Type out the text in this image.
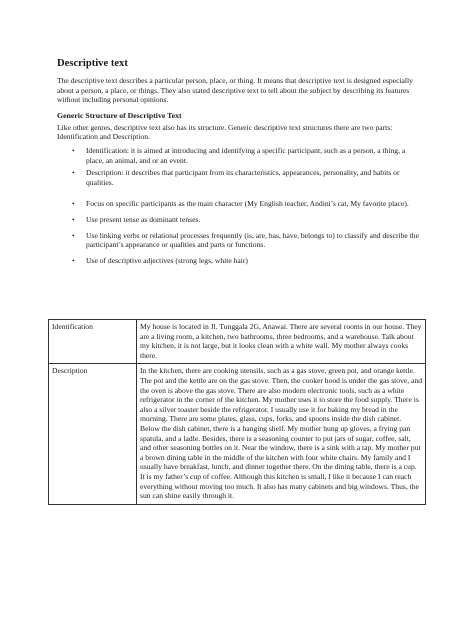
Descriptive text

The descriptive text describes a particular person, place, or thing. It means that descriptive text is designed especially about a person, a place, or things. They also stated descriptive text to tell about the subject by describing its features without including personal opinions.

Generic Structure of Descriptive Text

Like other genres, descriptive text also has its structure. Generic descriptive text structures there are two parts: Identification and Description.

• Identification: it is aimed at introducing and identifying a specific participant, such as a person, a thing, a place, an animal, and or an event.
• Description: it describes that participant from its characteristics, appearances, personality, and habits or qualities.
• Focus on specific participants as the main character (My English teacher, Andini’s cat, My favorite place).
• Use present tense as dominant tenses.
• Use linking verbs or relational processes frequently (is, are, has, have, belongs to) to classify and describe the participant’s appearance or qualities and parts or functions.
• Use of descriptive adjectives (strong legs, white hair)
Identification	My house is located in Jl. Tunggala 2G, Anawai. There are several rooms in our house. They are a living room, a kitchen, two bathrooms, three bedrooms, and a warehouse. Talk about my kitchen, it is not large, but it looks clean with a white wall. My mother always cooks there.
Description	In the kitchen, there are cooking utensils, such as a gas stove, green pot, and orange kettle. The pot and the kettle are on the gas stove. Then, the cooker hood is under the gas stove, and the oven is above the gas stove. There are also modern electronic tools, such as a white refrigerator in the corner of the kitchen. My mother uses it to store the food supply. There is also a silver toaster beside the refrigerator. I usually use it for baking my bread in the morning. There are some plates, glass, cups, forks, and spoons inside the dish cabinet. Below the dish cabinet, there is a hanging shelf. My mother hung up gloves, a frying pan spatula, and a ladle. Besides, there is a seasoning counter to put jars of sugar, coffee, salt, and other seasoning bottles on it. Near the window, there is a sink with a tap. My mother put a brown dining table in the middle of the kitchen with four white chairs. My family and I usually have breakfast, lunch, and dinner together there. On the dining table, there is a cup. It is my father’s cup of coffee. Although this kitchen is small, I like it because I can reach everything without moving too much. It also has many cabinets and big windows. Thus, the sun can shine easily through it.
